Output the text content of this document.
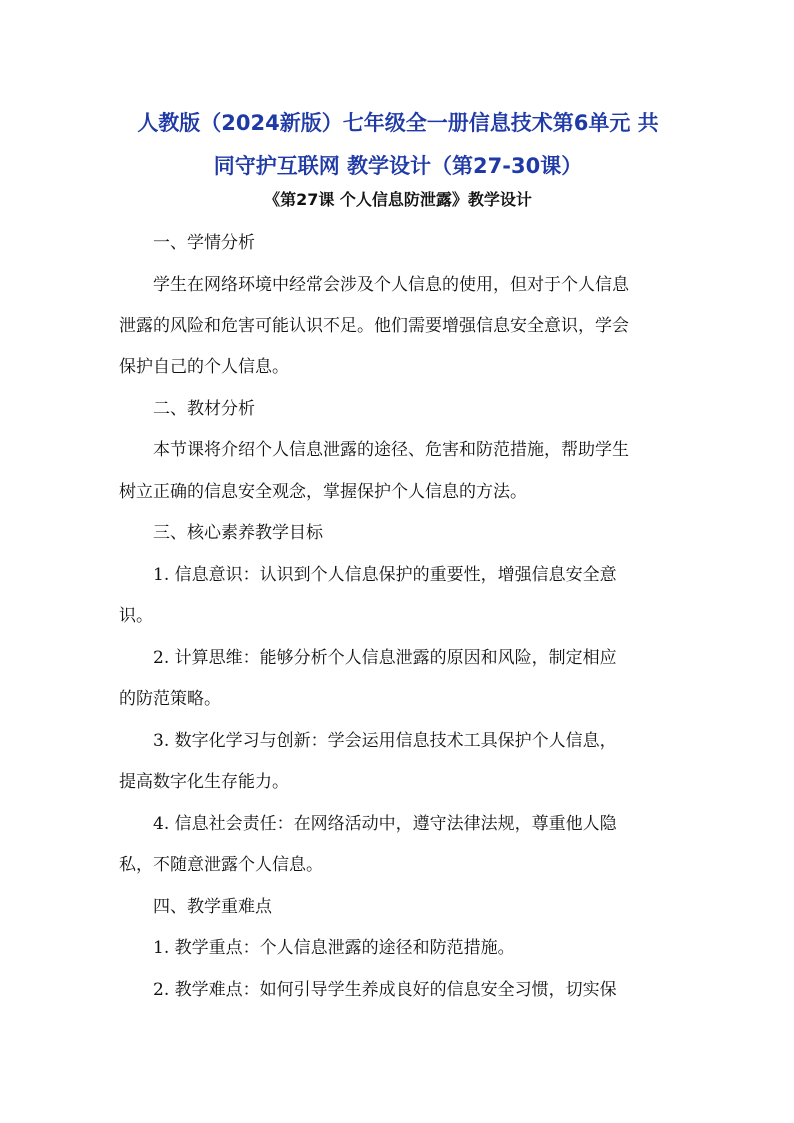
人教版（2024新版）七年级全一册信息技术第6单元 共
同守护互联网 教学设计（第27-30课）

《第27课 个人信息防泄露》教学设计

一、学情分析

学生在网络环境中经常会涉及个人信息的使用，但对于个人信息

泄露的风险和危害可能认识不足。他们需要增强信息安全意识，学会

保护自己的个人信息。

二、教材分析

本节课将介绍个人信息泄露的途径、危害和防范措施，帮助学生

树立正确的信息安全观念，掌握保护个人信息的方法。

三、核心素养教学目标

1. 信息意识：认识到个人信息保护的重要性，增强信息安全意

识。

2. 计算思维：能够分析个人信息泄露的原因和风险，制定相应

的防范策略。

3. 数字化学习与创新：学会运用信息技术工具保护个人信息，

提高数字化生存能力。

4. 信息社会责任：在网络活动中，遵守法律法规，尊重他人隐

私，不随意泄露个人信息。

四、教学重难点

1. 教学重点：个人信息泄露的途径和防范措施。

2. 教学难点：如何引导学生养成良好的信息安全习惯，切实保
